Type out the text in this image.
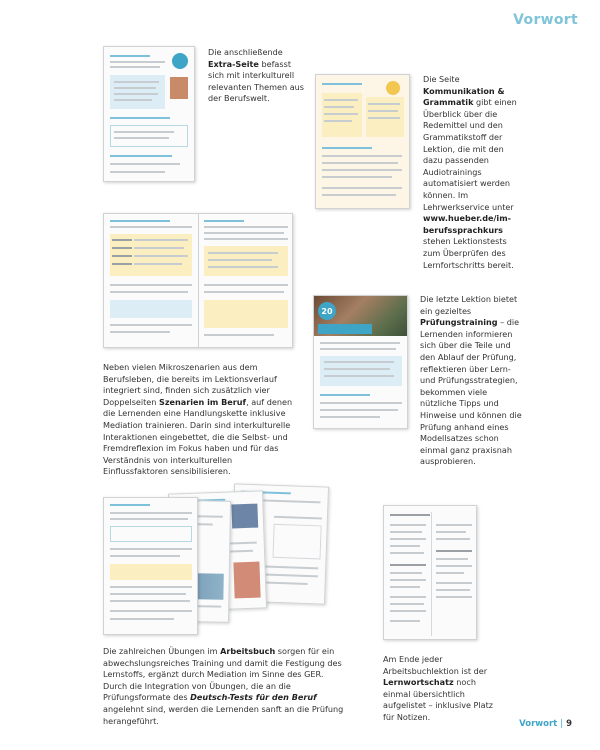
Vorwort
Die anschließende Extra-Seite befasst sich mit interkulturell relevanten Themen aus der Berufswelt.
Die Seite Kommunikation & Grammatik gibt einen Überblick über die Redemittel und den Grammatikstoff der Lektion, die mit den dazu passenden Audiotrainings automatisiert werden können. Im Lehrwerkservice unter www.hueber.de/im-berufssprachkurs stehen Lektionstests zum Überprüfen des Lernfortschritts bereit.
20
Die letzte Lektion bietet ein gezieltes Prüfungstraining – die Lernenden informieren sich über die Teile und den Ablauf der Prüfung, reflektieren über Lern- und Prüfungsstrategien, bekommen viele nützliche Tipps und Hinweise und können die Prüfung anhand eines Modellsatzes schon einmal ganz praxisnah ausprobieren.
Neben vielen Mikroszenarien aus dem Berufsleben, die bereits im Lektionsverlauf integriert sind, finden sich zusätzlich vier Doppelseiten Szenarien im Beruf, auf denen die Lernenden eine Handlungskette inklusive Mediation trainieren. Darin sind interkulturelle Interaktionen eingebettet, die die Selbst- und Fremdreflexion im Fokus haben und für das Verständnis von interkulturellen Einflussfaktoren sensibilisieren.
Die zahlreichen Übungen im Arbeitsbuch sorgen für ein abwechslungsreiches Training und damit die Festigung des Lernstoffs, ergänzt durch Mediation im Sinne des GER. Durch die Integration von Übungen, die an die Prüfungsformate des Deutsch-Tests für den Beruf angelehnt sind, werden die Lernenden sanft an die Prüfung herangeführt.
Am Ende jeder Arbeitsbuchlektion ist der Lernwortschatz noch einmal übersichtlich aufgelistet – inklusive Platz für Notizen.
Vorwort | 9
